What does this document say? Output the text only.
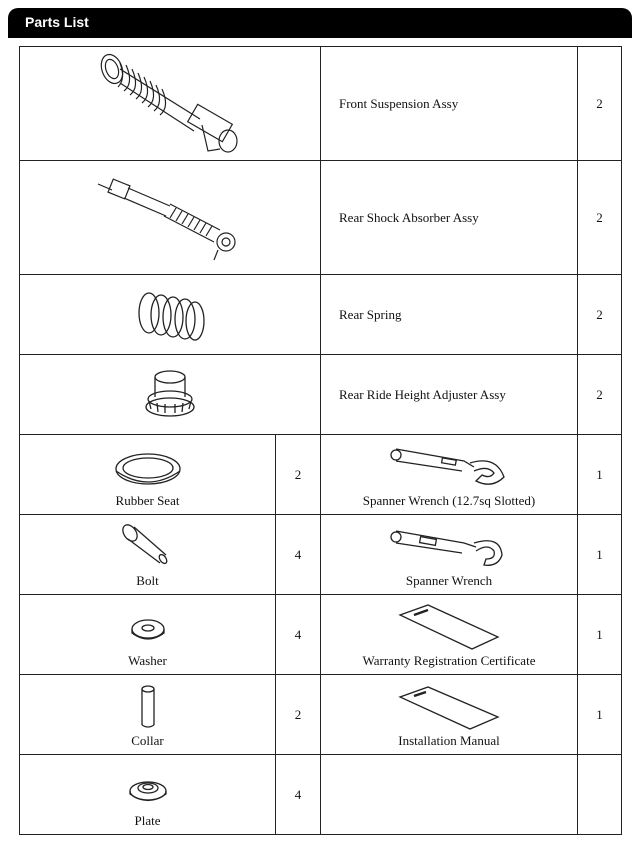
Parts List
	Front Suspension Assy	2

	Rear Shock Absorber Assy	2

	Rear Spring	2

	Rear Ride Height Adjuster Assy	2

Rubber Seat	2	Spanner Wrench (12.7sq Slotted)	1

Bolt	4	Spanner Wrench	1

Washer	4	Warranty Registration Certificate	1

Collar	2	Installation Manual	1

Plate	4		
